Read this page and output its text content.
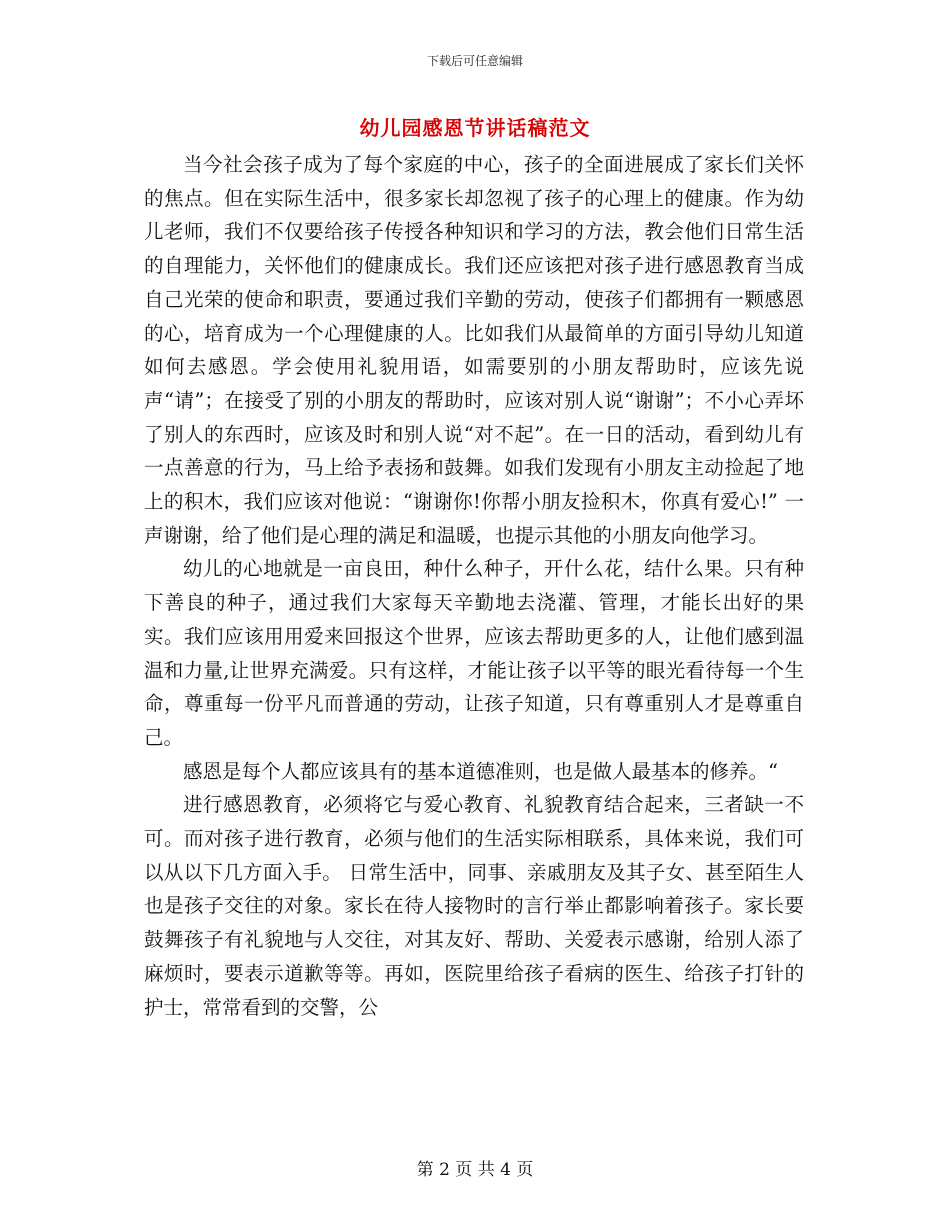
下载后可任意编辑
幼儿园感恩节讲话稿范文

当今社会孩子成为了每个家庭的中心，孩子的全面进展成了家长们关怀的焦点。但在实际生活中，很多家长却忽视了孩子的心理上的健康。作为幼儿老师，我们不仅要给孩子传授各种知识和学习的方法，教会他们日常生活的自理能力，关怀他们的健康成长。我们还应该把对孩子进行感恩教育当成自己光荣的使命和职责，要通过我们辛勤的劳动，使孩子们都拥有一颗感恩的心，培育成为一个心理健康的人。比如我们从最简单的方面引导幼儿知道如何去感恩。学会使用礼貌用语，如需要别的小朋友帮助时，应该先说声“请”；在接受了别的小朋友的帮助时，应该对别人说“谢谢”；不小心弄坏了别人的东西时，应该及时和别人说“对不起”。在一日的活动，看到幼儿有一点善意的行为，马上给予表扬和鼓舞。如我们发现有小朋友主动捡起了地上的积木，我们应该对他说：“谢谢你!你帮小朋友捡积木，你真有爱心!” 一声谢谢，给了他们是心理的满足和温暖，也提示其他的小朋友向他学习。

幼儿的心地就是一亩良田，种什么种子，开什么花，结什么果。只有种下善良的种子，通过我们大家每天辛勤地去浇灌、管理，才能长出好的果实。我们应该用用爱来回报这个世界，应该去帮助更多的人，让他们感到温温和力量,让世界充满爱。只有这样，才能让孩子以平等的眼光看待每一个生命，尊重每一份平凡而普通的劳动，让孩子知道，只有尊重别人才是尊重自己。

感恩是每个人都应该具有的基本道德准则，也是做人最基本的修养。“

进行感恩教育，必须将它与爱心教育、礼貌教育结合起来，三者缺一不可。而对孩子进行教育，必须与他们的生活实际相联系，具体来说，我们可以从以下几方面入手。 日常生活中，同事、亲戚朋友及其子女、甚至陌生人也是孩子交往的对象。家长在待人接物时的言行举止都影响着孩子。家长要鼓舞孩子有礼貌地与人交往，对其友好、帮助、关爱表示感谢，给别人添了麻烦时，要表示道歉等等。再如，医院里给孩子看病的医生、给孩子打针的护士，常常看到的交警，公

第 2 页 共 4 页
